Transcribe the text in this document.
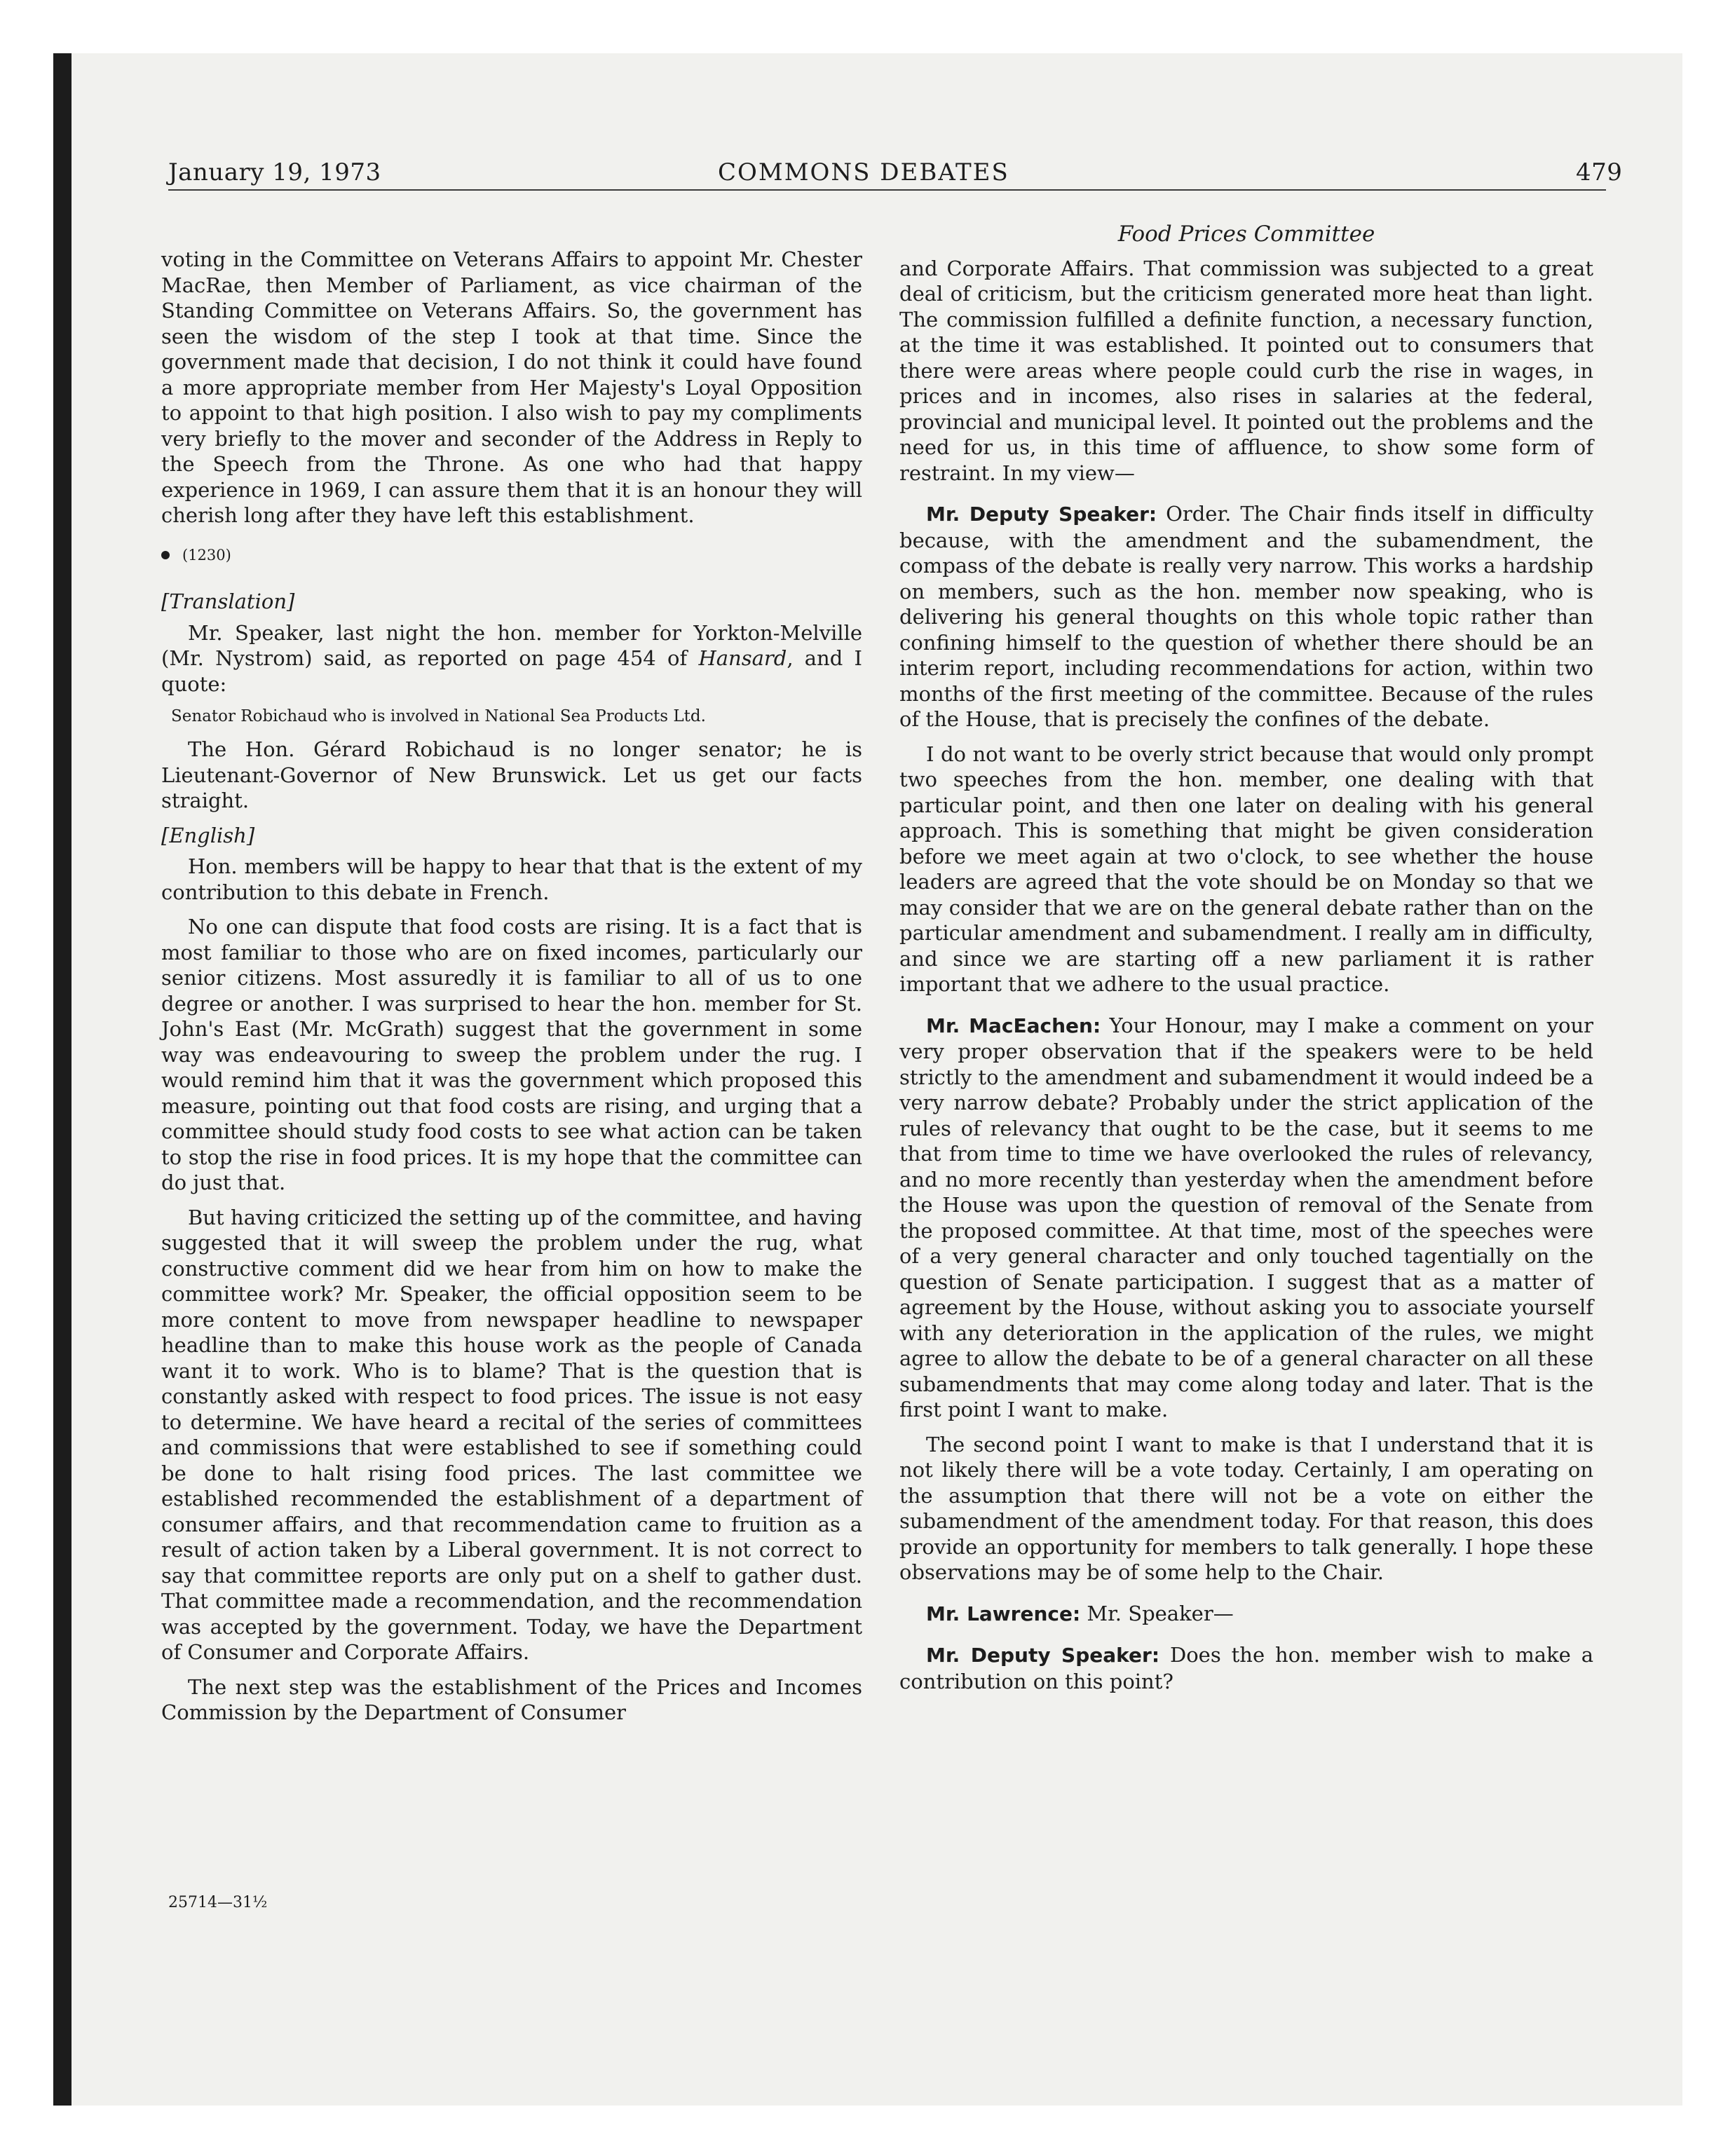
January 19, 1973	COMMONS DEBATES	479

voting in the Committee on Veterans Affairs to appoint Mr. Chester MacRae, then Member of Parliament, as vice chairman of the Standing Committee on Veterans Affairs. So, the government has seen the wisdom of the step I took at that time. Since the government made that decision, I do not think it could have found a more appropriate member from Her Majesty's Loyal Opposition to appoint to that high position. I also wish to pay my compliments very briefly to the mover and seconder of the Address in Reply to the Speech from the Throne. As one who had that happy experience in 1969, I can assure them that it is an honour they will cherish long after they have left this establishment.

(1230)

[Translation]

Mr. Speaker, last night the hon. member for Yorkton-Melville (Mr. Nystrom) said, as reported on page 454 of Hansard, and I quote:

Senator Robichaud who is involved in National Sea Products Ltd.

The Hon. Gérard Robichaud is no longer senator; he is Lieutenant-Governor of New Brunswick. Let us get our facts straight.

[English]

Hon. members will be happy to hear that that is the extent of my contribution to this debate in French.

No one can dispute that food costs are rising. It is a fact that is most familiar to those who are on fixed incomes, particularly our senior citizens. Most assuredly it is familiar to all of us to one degree or another. I was surprised to hear the hon. member for St. John's East (Mr. McGrath) suggest that the government in some way was endeavouring to sweep the problem under the rug. I would remind him that it was the government which proposed this measure, pointing out that food costs are rising, and urging that a committee should study food costs to see what action can be taken to stop the rise in food prices. It is my hope that the committee can do just that.

But having criticized the setting up of the committee, and having suggested that it will sweep the problem under the rug, what constructive comment did we hear from him on how to make the committee work? Mr. Speaker, the official opposition seem to be more content to move from newspaper headline to newspaper headline than to make this house work as the people of Canada want it to work. Who is to blame? That is the question that is constantly asked with respect to food prices. The issue is not easy to determine. We have heard a recital of the series of committees and commissions that were established to see if something could be done to halt rising food prices. The last committee we established recommended the establishment of a department of consumer affairs, and that recommendation came to fruition as a result of action taken by a Liberal government. It is not correct to say that committee reports are only put on a shelf to gather dust. That committee made a recommendation, and the recommendation was accepted by the government. Today, we have the Department of Consumer and Corporate Affairs.

The next step was the establishment of the Prices and Incomes Commission by the Department of Consumer

25714—31½

Food Prices Committee

and Corporate Affairs. That commission was subjected to a great deal of criticism, but the criticism generated more heat than light. The commission fulfilled a definite function, a necessary function, at the time it was established. It pointed out to consumers that there were areas where people could curb the rise in wages, in prices and in incomes, also rises in salaries at the federal, provincial and municipal level. It pointed out the problems and the need for us, in this time of affluence, to show some form of restraint. In my view—

Mr. Deputy Speaker: Order. The Chair finds itself in difficulty because, with the amendment and the subamendment, the compass of the debate is really very narrow. This works a hardship on members, such as the hon. member now speaking, who is delivering his general thoughts on this whole topic rather than confining himself to the question of whether there should be an interim report, including recommendations for action, within two months of the first meeting of the committee. Because of the rules of the House, that is precisely the confines of the debate.

I do not want to be overly strict because that would only prompt two speeches from the hon. member, one dealing with that particular point, and then one later on dealing with his general approach. This is something that might be given consideration before we meet again at two o'clock, to see whether the house leaders are agreed that the vote should be on Monday so that we may consider that we are on the general debate rather than on the particular amendment and subamendment. I really am in difficulty, and since we are starting off a new parliament it is rather important that we adhere to the usual practice.

Mr. MacEachen: Your Honour, may I make a comment on your very proper observation that if the speakers were to be held strictly to the amendment and subamendment it would indeed be a very narrow debate? Probably under the strict application of the rules of relevancy that ought to be the case, but it seems to me that from time to time we have overlooked the rules of relevancy, and no more recently than yesterday when the amendment before the House was upon the question of removal of the Senate from the proposed committee. At that time, most of the speeches were of a very general character and only touched tagentially on the question of Senate participation. I suggest that as a matter of agreement by the House, without asking you to associate yourself with any deterioration in the application of the rules, we might agree to allow the debate to be of a general character on all these subamendments that may come along today and later. That is the first point I want to make.

The second point I want to make is that I understand that it is not likely there will be a vote today. Certainly, I am operating on the assumption that there will not be a vote on either the subamendment of the amendment today. For that reason, this does provide an opportunity for members to talk generally. I hope these observations may be of some help to the Chair.

Mr. Lawrence: Mr. Speaker—

Mr. Deputy Speaker: Does the hon. member wish to make a contribution on this point?
